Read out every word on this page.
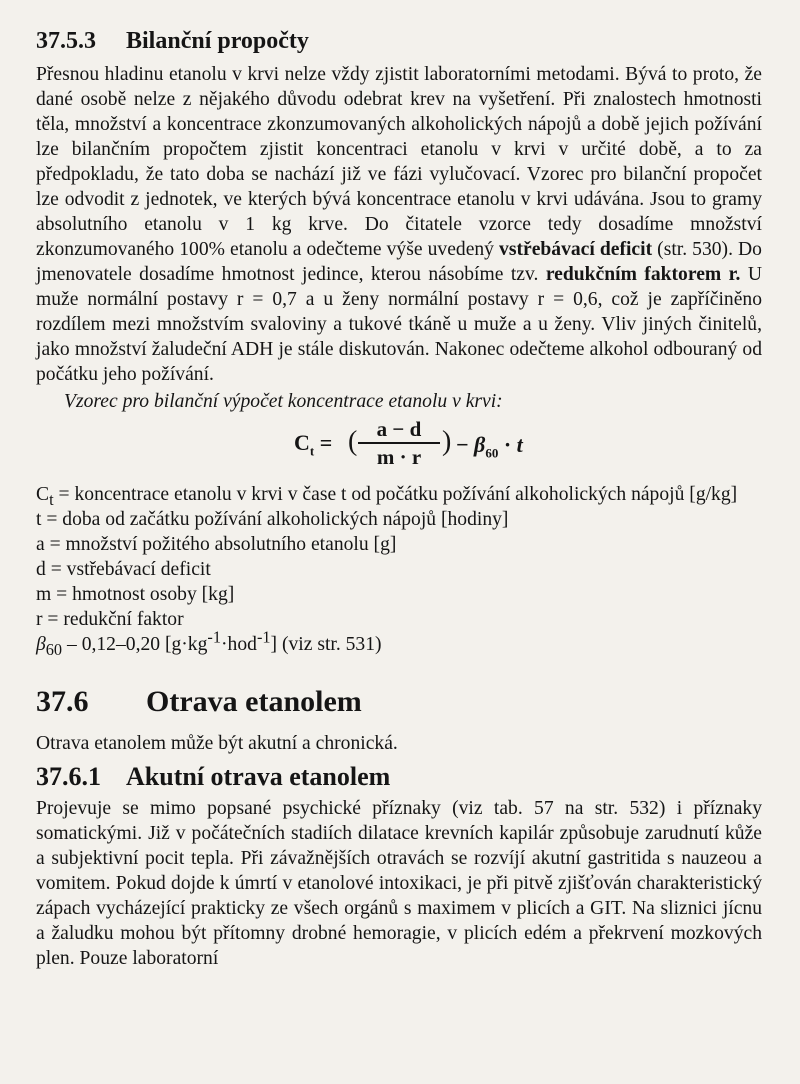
37.5.3 Bilanční propočty

Přesnou hladinu etanolu v krvi nelze vždy zjistit laboratorními metodami. Bývá to proto, že dané osobě nelze z nějakého důvodu odebrat krev na vyšetření. Při znalostech hmotnosti těla, množství a koncentrace zkonzumovaných alkoholických nápojů a době jejich požívání lze bilančním propočtem zjistit koncentraci etanolu v krvi v určité době, a to za předpokladu, že tato doba se nachází již ve fázi vylučovací. Vzorec pro bilanční propočet lze odvodit z jednotek, ve kterých bývá koncentrace etanolu v krvi udávána. Jsou to gramy absolutního etanolu v 1 kg krve. Do čitatele vzorce tedy dosadíme množství zkonzumovaného 100% etanolu a odečteme výše uvedený vstřebávací deficit (str. 530). Do jmenovatele dosadíme hmotnost jedince, kterou násobíme tzv. redukčním faktorem r. U muže normální postavy r = 0,7 a u ženy normální postavy r = 0,6, což je zapříčiněno rozdílem mezi množstvím svaloviny a tukové tkáně u muže a u ženy. Vliv jiných činitelů, jako množství žaludeční ADH je stále diskutován. Nakonec odečteme alkohol odbouraný od počátku jeho požívání.

Vzorec pro bilanční výpočet koncentrace etanolu v krvi:
$C_t$ = ( a − d
m · r ) − $\beta_{60} \cdot t$
$C_t$ = koncentrace etanolu v krvi v čase t od počátku požívání alkoholických nápojů [g/kg]
t = doba od začátku požívání alkoholických nápojů [hodiny]
a = množství požitého absolutního etanolu [g]
d = vstřebávací deficit
m = hmotnost osoby [kg]
r = redukční faktor
$\beta_{60} - 0,12-0,20$ $[g\cdot kg^{-1}\cdot hod^{-1}]$ (viz str. 531)
37.6 Otrava etanolem

Otrava etanolem může být akutní a chronická.

37.6.1 Akutní otrava etanolem

Projevuje se mimo popsané psychické příznaky (viz tab. 57 na str. 532) i příznaky somatickými. Již v počátečních stadiích dilatace krevních kapilár způsobuje zarudnutí kůže a subjektivní pocit tepla. Při závažnějších otravách se rozvíjí akutní gastritida s nauzeou a vomitem. Pokud dojde k úmrtí v etanolové intoxikaci, je při pitvě zjišťován charakteristický zápach vycházející prakticky ze všech orgánů s maximem v plicích a GIT. Na sliznici jícnu a žaludku mohou být přítomny drobné hemoragie, v plicích edém a překrvení mozkových plen. Pouze laboratorní
